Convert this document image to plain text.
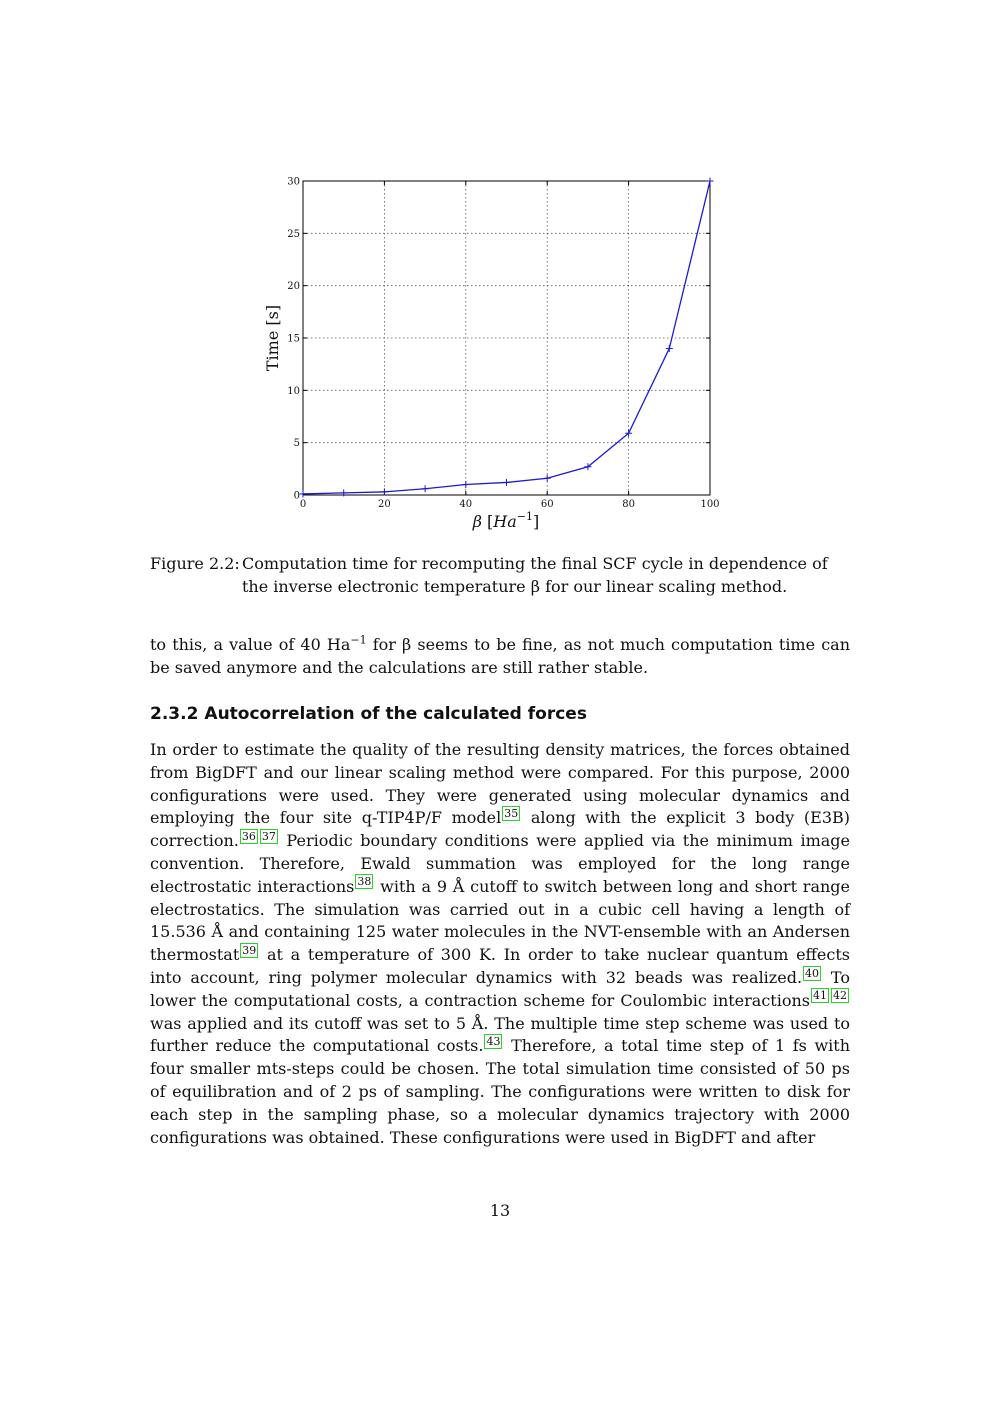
0	20	40	60	80	100
0
5
10
15
20
25
30
Time [s]
β $[Ha^{-1}]$
Figure 2.2: Computation time for recomputing the final SCF cycle in dependence of the inverse electronic temperature β for our linear scaling method.
to this, a value of 40 $Ha^{-1}$ for β seems to be fine, as not much computation time can be saved anymore and the calculations are still rather stable.
2.3.2 Autocorrelation of the calculated forces
In order to estimate the quality of the resulting density matrices, the forces obtained from BigDFT and our linear scaling method were compared. For this purpose, 2000 configurations were used. They were generated using molecular dynamics and employing the four site q-TIP4P/F model $^{35}$ along with the explicit 3 body (E3B) correction. $^{36}$ $^{37}$ Periodic boundary conditions were applied via the minimum image convention. Therefore, Ewald summation was employed for the long range electrostatic interactions $^{38}$ with a 9 Å cutoff to switch between long and short range electrostatics. The simulation was carried out in a cubic cell having a length of 15.536 Å and containing 125 water molecules in the NVT-ensemble with an Andersen thermostat $^{39}$ at a temperature of 300 K. In order to take nuclear quantum effects into account, ring polymer molecular dynamics with 32 beads was realized. $^{40}$ To lower the computational costs, a contraction scheme for Coulombic interactions $^{41}$ $^{42}$ was applied and its cutoff was set to 5 Å. The multiple time step scheme was used to further reduce the computational costs. $^{43}$ Therefore, a total time step of 1 fs with four smaller mts-steps could be chosen. The total simulation time consisted of 50 ps of equilibration and of 2 ps of sampling. The configurations were written to disk for each step in the sampling phase, so a molecular dynamics trajectory with 2000 configurations was obtained. These configurations were used in BigDFT and after
13
